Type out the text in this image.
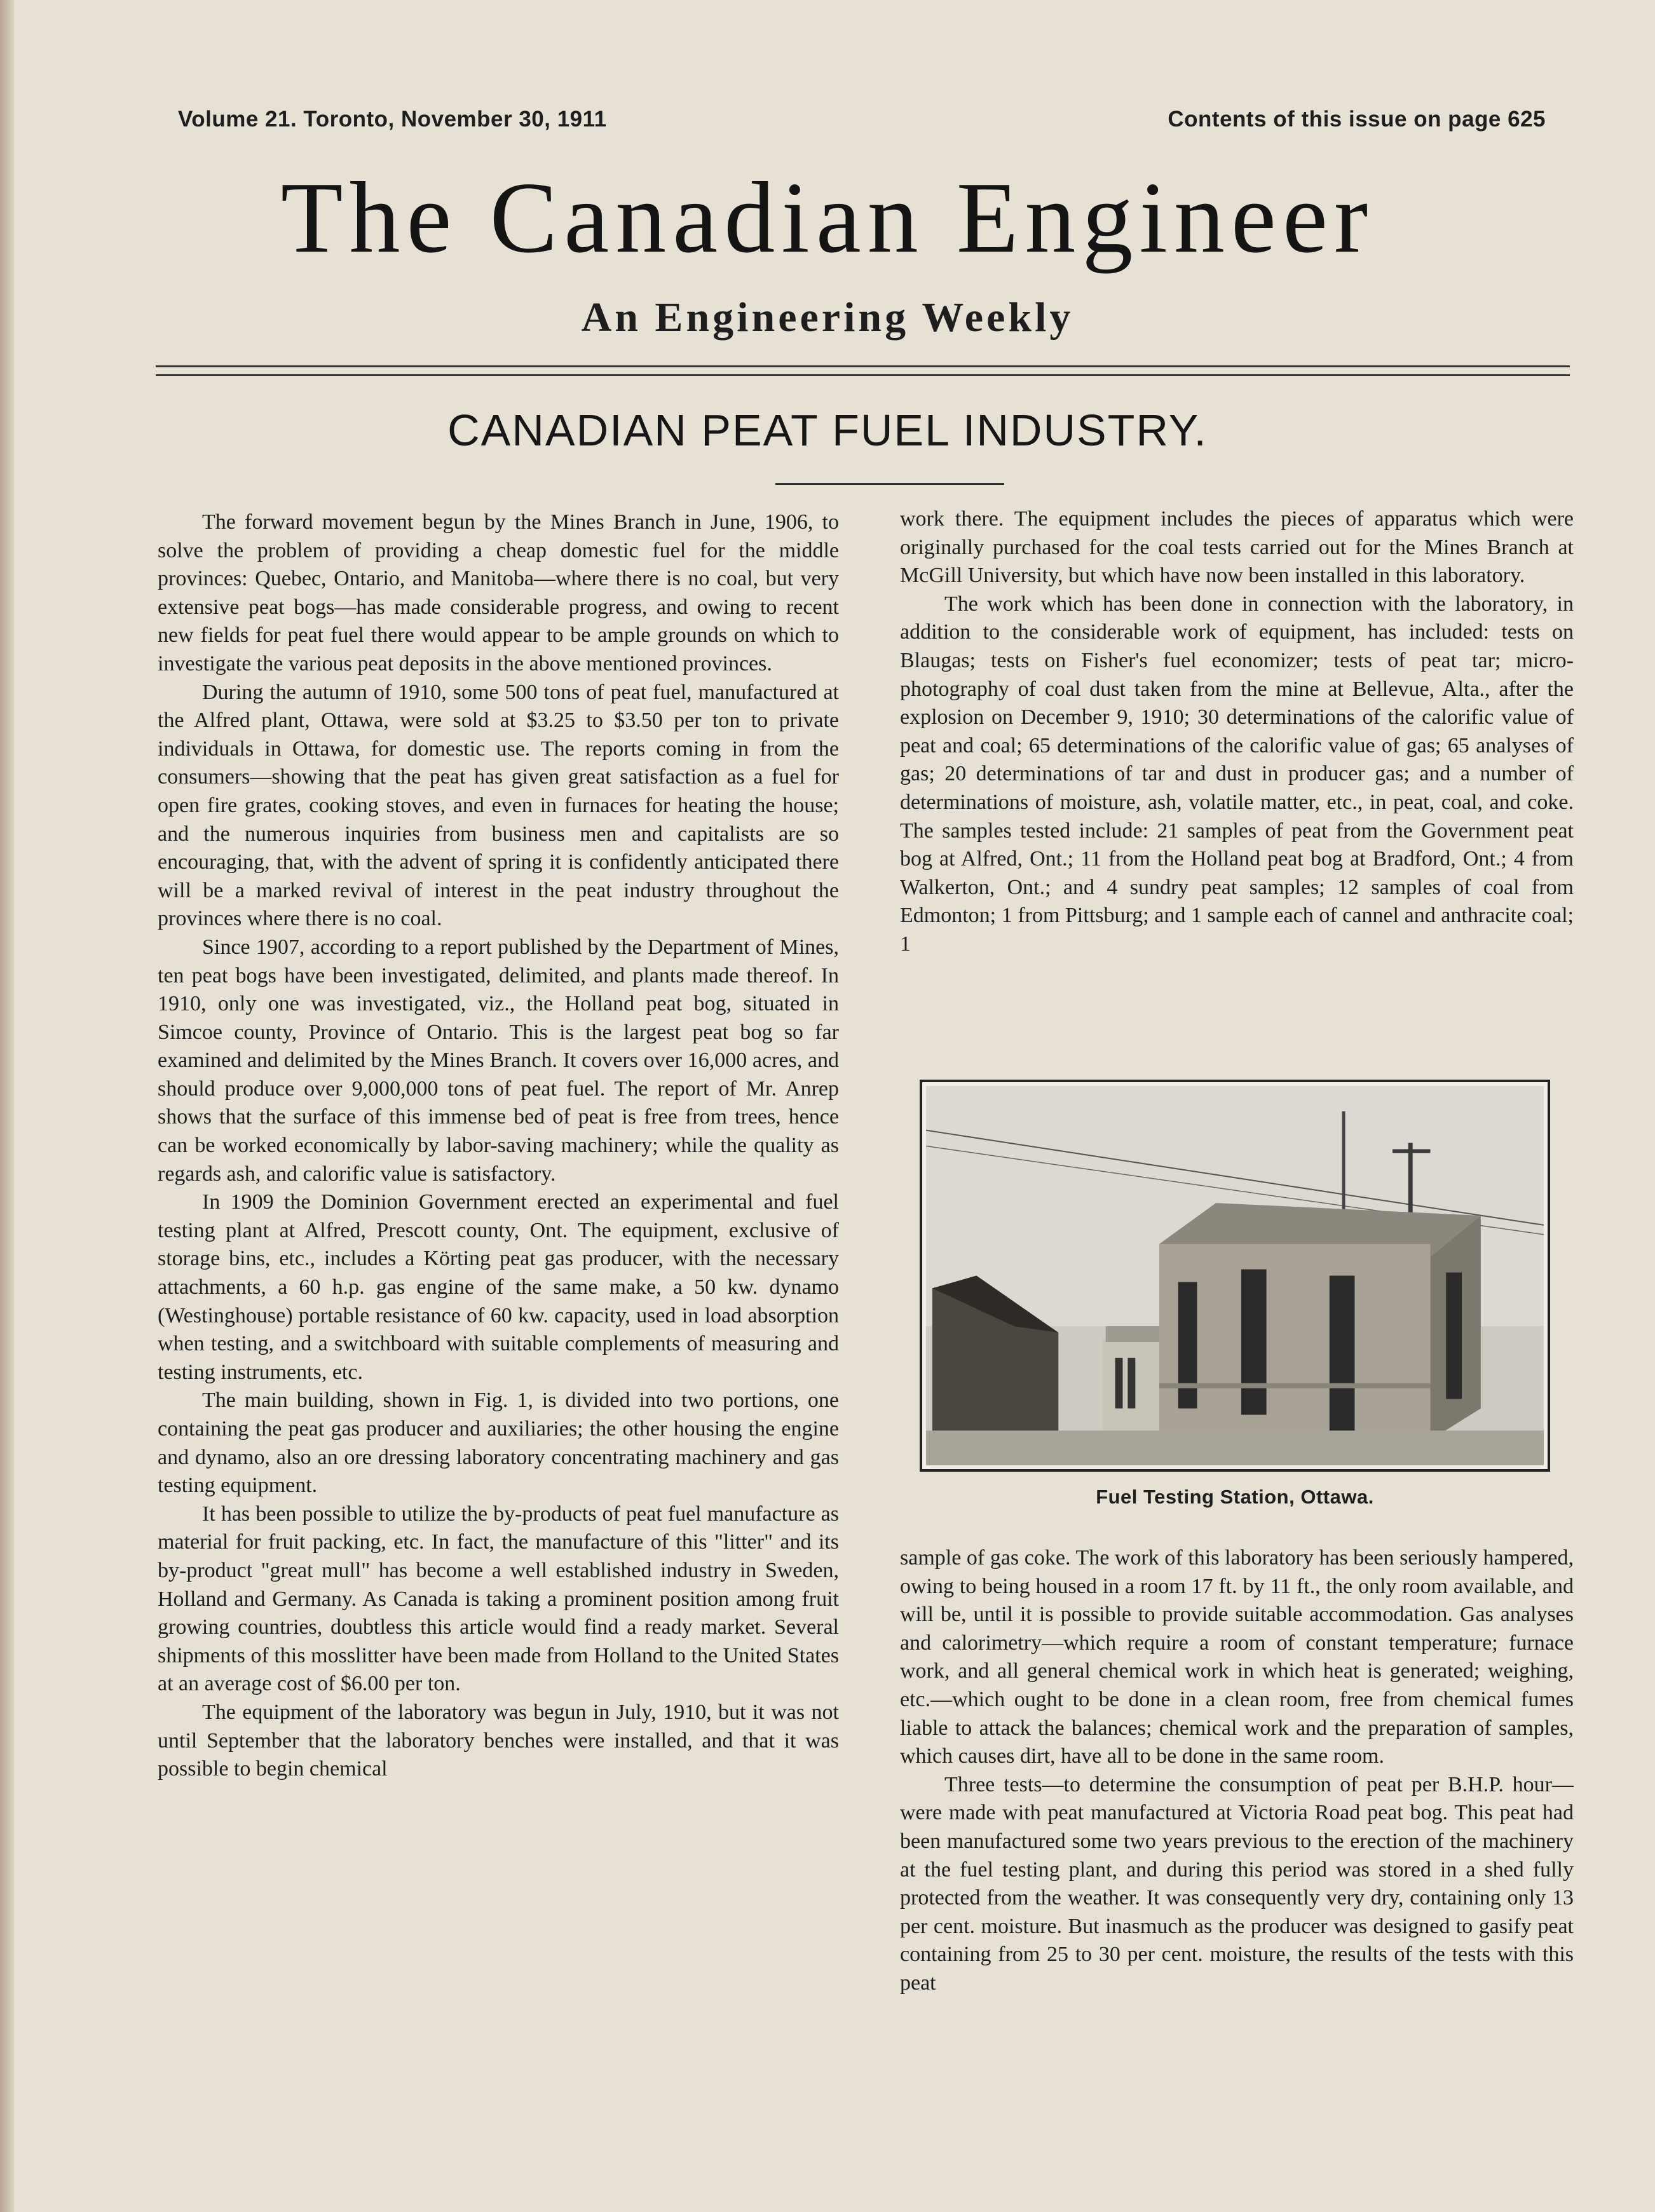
Volume 21. Toronto, November 30, 1911	Contents of this issue on page 625
The Canadian Engineer
An Engineering Weekly
CANADIAN PEAT FUEL INDUSTRY.

The forward movement begun by the Mines Branch in June, 1906, to solve the problem of providing a cheap domestic fuel for the middle provinces: Quebec, Ontario, and Manitoba—where there is no coal, but very extensive peat bogs—has made considerable progress, and owing to recent new fields for peat fuel there would appear to be ample grounds on which to investigate the various peat deposits in the above mentioned provinces.

During the autumn of 1910, some 500 tons of peat fuel, manufactured at the Alfred plant, Ottawa, were sold at $3.25 to $3.50 per ton to private individuals in Ottawa, for domestic use. The reports coming in from the consumers—showing that the peat has given great satisfaction as a fuel for open fire grates, cooking stoves, and even in furnaces for heating the house; and the numerous inquiries from business men and capitalists are so encouraging, that, with the advent of spring it is confidently anticipated there will be a marked revival of interest in the peat industry throughout the provinces where there is no coal.

Since 1907, according to a report published by the Department of Mines, ten peat bogs have been investigated, delimited, and plants made thereof. In 1910, only one was investigated, viz., the Holland peat bog, situated in Simcoe county, Province of Ontario. This is the largest peat bog so far examined and delimited by the Mines Branch. It covers over 16,000 acres, and should produce over 9,000,000 tons of peat fuel. The report of Mr. Anrep shows that the surface of this immense bed of peat is free from trees, hence can be worked economically by labor-saving machinery; while the quality as regards ash, and calorific value is satisfactory.

In 1909 the Dominion Government erected an experimental and fuel testing plant at Alfred, Prescott county, Ont. The equipment, exclusive of storage bins, etc., includes a Körting peat gas producer, with the necessary attachments, a 60 h.p. gas engine of the same make, a 50 kw. dynamo (Westinghouse) portable resistance of 60 kw. capacity, used in load absorption when testing, and a switchboard with suitable complements of measuring and testing instruments, etc.

The main building, shown in Fig. 1, is divided into two portions, one containing the peat gas producer and auxiliaries; the other housing the engine and dynamo, also an ore dressing laboratory concentrating machinery and gas testing equipment.

It has been possible to utilize the by-products of peat fuel manufacture as material for fruit packing, etc. In fact, the manufacture of this "litter" and its by-product "great mull" has become a well established industry in Sweden, Holland and Germany. As Canada is taking a prominent position among fruit growing countries, doubtless this article would find a ready market. Several shipments of this mosslitter have been made from Holland to the United States at an average cost of $6.00 per ton.

The equipment of the laboratory was begun in July, 1910, but it was not until September that the laboratory benches were installed, and that it was possible to begin chemical

work there. The equipment includes the pieces of apparatus which were originally purchased for the coal tests carried out for the Mines Branch at McGill University, but which have now been installed in this laboratory.

The work which has been done in connection with the laboratory, in addition to the considerable work of equipment, has included: tests on Blaugas; tests on Fisher's fuel economizer; tests of peat tar; micro-photography of coal dust taken from the mine at Bellevue, Alta., after the explosion on December 9, 1910; 30 determinations of the calorific value of peat and coal; 65 determinations of the calorific value of gas; 65 analyses of gas; 20 determinations of tar and dust in producer gas; and a number of determinations of moisture, ash, volatile matter, etc., in peat, coal, and coke. The samples tested include: 21 samples of peat from the Government peat bog at Alfred, Ont.; 11 from the Holland peat bog at Bradford, Ont.; 4 from Walkerton, Ont.; and 4 sundry peat samples; 12 samples of coal from Edmonton; 1 from Pittsburg; and 1 sample each of cannel and anthracite coal; 1

Fuel Testing Station, Ottawa.

sample of gas coke. The work of this laboratory has been seriously hampered, owing to being housed in a room 17 ft. by 11 ft., the only room available, and will be, until it is possible to provide suitable accommodation. Gas analyses and calorimetry—which require a room of constant temperature; furnace work, and all general chemical work in which heat is generated; weighing, etc.—which ought to be done in a clean room, free from chemical fumes liable to attack the balances; chemical work and the preparation of samples, which causes dirt, have all to be done in the same room.

Three tests—to determine the consumption of peat per B.H.P. hour—were made with peat manufactured at Victoria Road peat bog. This peat had been manufactured some two years previous to the erection of the machinery at the fuel testing plant, and during this period was stored in a shed fully protected from the weather. It was consequently very dry, containing only 13 per cent. moisture. But inasmuch as the producer was designed to gasify peat containing from 25 to 30 per cent. moisture, the results of the tests with this peat
